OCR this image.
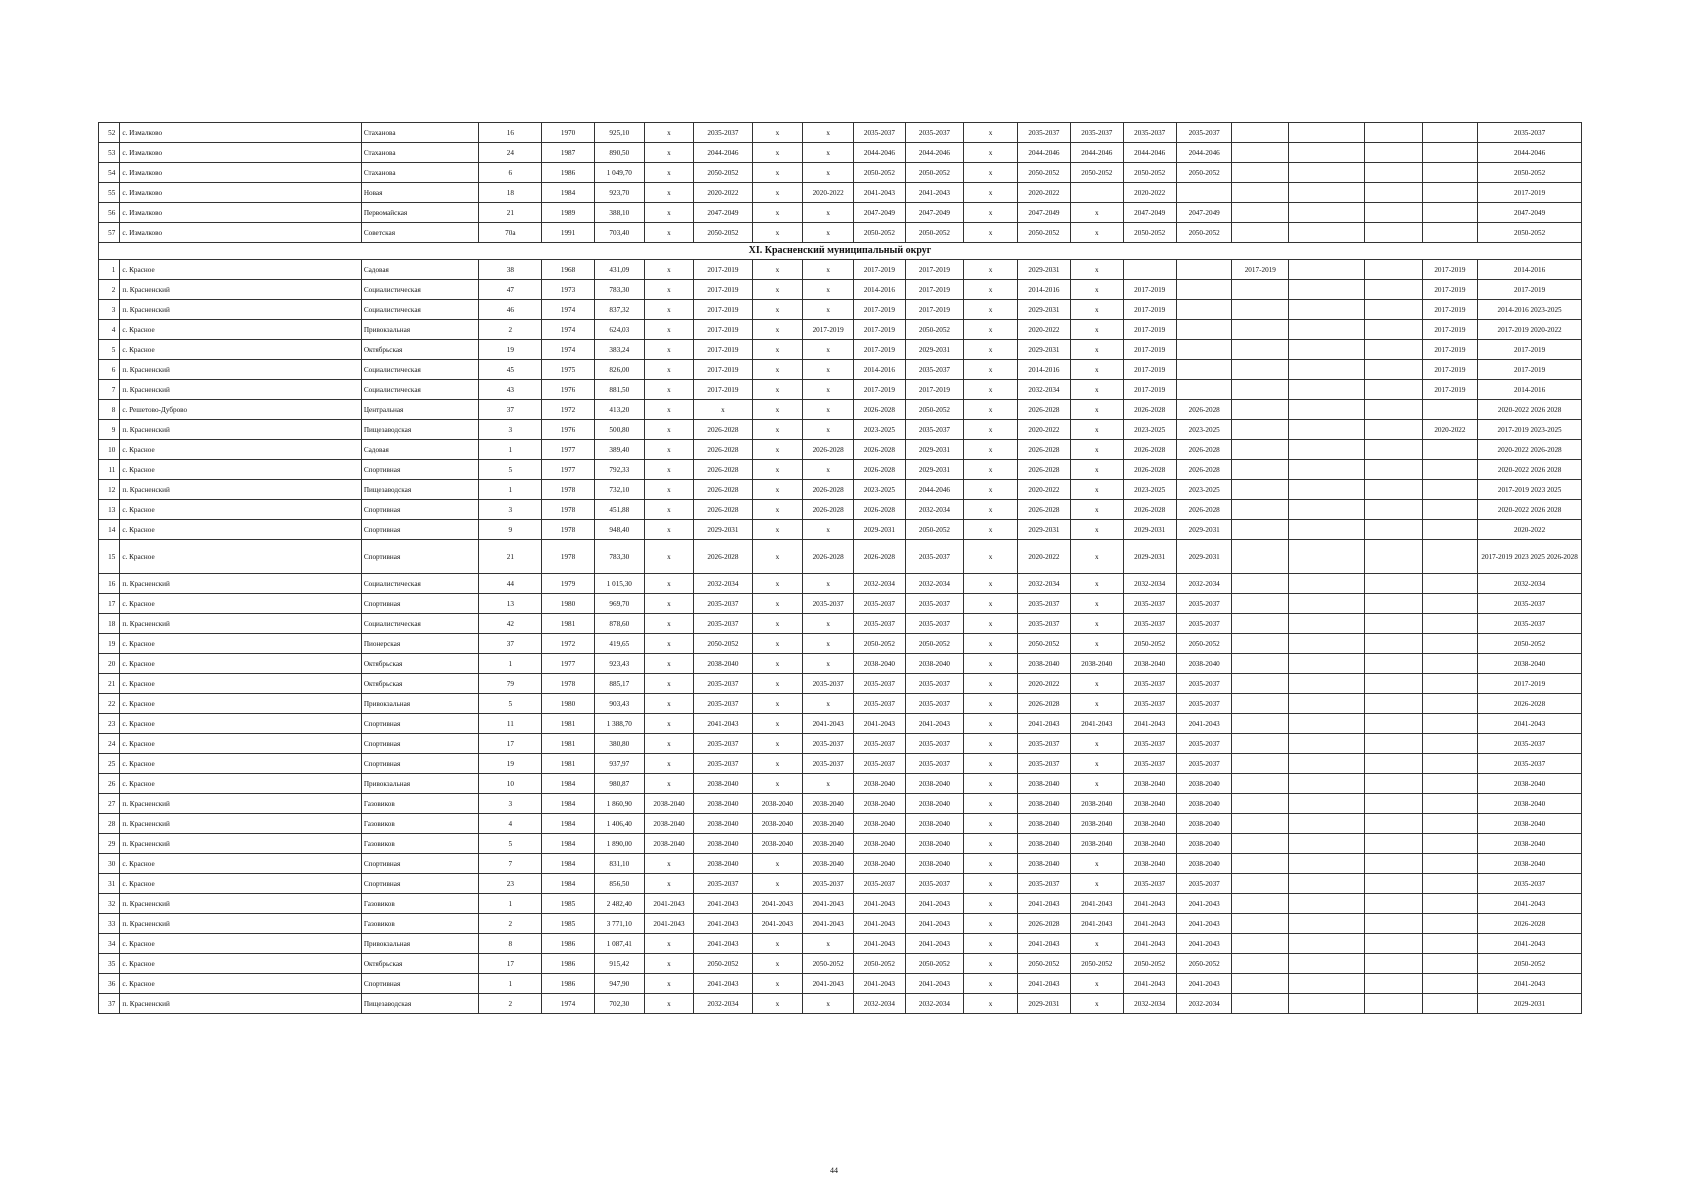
52	с. Измалково	Стаханова	16	1970	925,10	x	2035-2037	x	x	2035-2037	2035-2037	x	2035-2037	2035-2037	2035-2037	2035-2037					2035-2037
53	с. Измалково	Стаханова	24	1987	890,50	x	2044-2046	x	x	2044-2046	2044-2046	x	2044-2046	2044-2046	2044-2046	2044-2046					2044-2046
54	с. Измалково	Стаханова	6	1986	1 049,70	x	2050-2052	x	x	2050-2052	2050-2052	x	2050-2052	2050-2052	2050-2052	2050-2052					2050-2052
55	с. Измалково	Новая	18	1984	923,70	x	2020-2022	x	2020-2022	2041-2043	2041-2043	x	2020-2022		2020-2022						2017-2019
56	с. Измалково	Первомайская	21	1989	388,10	x	2047-2049	x	x	2047-2049	2047-2049	x	2047-2049	x	2047-2049	2047-2049					2047-2049
57	с. Измалково	Советская	70а	1991	703,40	x	2050-2052	x	x	2050-2052	2050-2052	x	2050-2052	x	2050-2052	2050-2052					2050-2052
XI. Красненский муниципальный округ																					
1	с. Красное	Садовая	38	1968	431,09	x	2017-2019	x	x	2017-2019	2017-2019	x	2029-2031	x			2017-2019			2017-2019	2014-2016
2	п. Красненский	Социалистическая	47	1973	783,30	x	2017-2019	x	x	2014-2016	2017-2019	x	2014-2016	x	2017-2019					2017-2019	2017-2019
3	п. Красненский	Социалистическая	46	1974	837,32	x	2017-2019	x	x	2017-2019	2017-2019	x	2029-2031	x	2017-2019					2017-2019	2014-2016 2023-2025
4	с. Красное	Привокзальная	2	1974	624,03	x	2017-2019	x	2017-2019	2017-2019	2050-2052	x	2020-2022	x	2017-2019					2017-2019	2017-2019 2020-2022
5	с. Красное	Октябрьская	19	1974	383,24	x	2017-2019	x	x	2017-2019	2029-2031	x	2029-2031	x	2017-2019					2017-2019	2017-2019
6	п. Красненский	Социалистическая	45	1975	826,00	x	2017-2019	x	x	2014-2016	2035-2037	x	2014-2016	x	2017-2019					2017-2019	2017-2019
7	п. Красненский	Социалистическая	43	1976	881,50	x	2017-2019	x	x	2017-2019	2017-2019	x	2032-2034	x	2017-2019					2017-2019	2014-2016
8	с. Решетово-Дуброво	Центральная	37	1972	413,20	x	x	x	x	2026-2028	2050-2052	x	2026-2028	x	2026-2028	2026-2028					2020-2022 2026 2028
9	п. Красненский	Пищезаводская	3	1976	500,80	x	2026-2028	x	x	2023-2025	2035-2037	x	2020-2022	x	2023-2025	2023-2025				2020-2022	2017-2019 2023-2025
10	с. Красное	Садовая	1	1977	389,40	x	2026-2028	x	2026-2028	2026-2028	2029-2031	x	2026-2028	x	2026-2028	2026-2028					2020-2022 2026-2028
11	с. Красное	Спортивная	5	1977	792,33	x	2026-2028	x	x	2026-2028	2029-2031	x	2026-2028	x	2026-2028	2026-2028					2020-2022 2026 2028
12	п. Красненский	Пищезаводская	1	1978	732,10	x	2026-2028	x	2026-2028	2023-2025	2044-2046	x	2020-2022	x	2023-2025	2023-2025					2017-2019 2023 2025
13	с. Красное	Спортивная	3	1978	451,88	x	2026-2028	x	2026-2028	2026-2028	2032-2034	x	2026-2028	x	2026-2028	2026-2028					2020-2022 2026 2028
14	с. Красное	Спортивная	9	1978	948,40	x	2029-2031	x	x	2029-2031	2050-2052	x	2029-2031	x	2029-2031	2029-2031					2020-2022
15	с. Красное	Спортивная	21	1978	783,30	x	2026-2028	x	2026-2028	2026-2028	2035-2037	x	2020-2022	x	2029-2031	2029-2031					2017-2019 2023 2025 2026-2028
16	п. Красненский	Социалистическая	44	1979	1 015,30	x	2032-2034	x	x	2032-2034	2032-2034	x	2032-2034	x	2032-2034	2032-2034					2032-2034
17	с. Красное	Спортивная	13	1980	969,70	x	2035-2037	x	2035-2037	2035-2037	2035-2037	x	2035-2037	x	2035-2037	2035-2037					2035-2037
18	п. Красненский	Социалистическая	42	1981	878,60	x	2035-2037	x	x	2035-2037	2035-2037	x	2035-2037	x	2035-2037	2035-2037					2035-2037
19	с. Красное	Пионерская	37	1972	419,65	x	2050-2052	x	x	2050-2052	2050-2052	x	2050-2052	x	2050-2052	2050-2052					2050-2052
20	с. Красное	Октябрьская	1	1977	923,43	x	2038-2040	x	x	2038-2040	2038-2040	x	2038-2040	2038-2040	2038-2040	2038-2040					2038-2040
21	с. Красное	Октябрьская	79	1978	885,17	x	2035-2037	x	2035-2037	2035-2037	2035-2037	x	2020-2022	x	2035-2037	2035-2037					2017-2019
22	с. Красное	Привокзальная	5	1980	903,43	x	2035-2037	x	x	2035-2037	2035-2037	x	2026-2028	x	2035-2037	2035-2037					2026-2028
23	с. Красное	Спортивная	11	1981	1 388,70	x	2041-2043	x	2041-2043	2041-2043	2041-2043	x	2041-2043	2041-2043	2041-2043	2041-2043					2041-2043
24	с. Красное	Спортивная	17	1981	380,80	x	2035-2037	x	2035-2037	2035-2037	2035-2037	x	2035-2037	x	2035-2037	2035-2037					2035-2037
25	с. Красное	Спортивная	19	1981	937,97	x	2035-2037	x	2035-2037	2035-2037	2035-2037	x	2035-2037	x	2035-2037	2035-2037					2035-2037
26	с. Красное	Привокзальная	10	1984	980,87	x	2038-2040	x	x	2038-2040	2038-2040	x	2038-2040	x	2038-2040	2038-2040					2038-2040
27	п. Красненский	Газовиков	3	1984	1 860,90	2038-2040	2038-2040	2038-2040	2038-2040	2038-2040	2038-2040	x	2038-2040	2038-2040	2038-2040	2038-2040					2038-2040
28	п. Красненский	Газовиков	4	1984	1 406,40	2038-2040	2038-2040	2038-2040	2038-2040	2038-2040	2038-2040	x	2038-2040	2038-2040	2038-2040	2038-2040					2038-2040
29	п. Красненский	Газовиков	5	1984	1 890,00	2038-2040	2038-2040	2038-2040	2038-2040	2038-2040	2038-2040	x	2038-2040	2038-2040	2038-2040	2038-2040					2038-2040
30	с. Красное	Спортивная	7	1984	831,10	x	2038-2040	x	2038-2040	2038-2040	2038-2040	x	2038-2040	x	2038-2040	2038-2040					2038-2040
31	с. Красное	Спортивная	23	1984	856,50	x	2035-2037	x	2035-2037	2035-2037	2035-2037	x	2035-2037	x	2035-2037	2035-2037					2035-2037
32	п. Красненский	Газовиков	1	1985	2 482,40	2041-2043	2041-2043	2041-2043	2041-2043	2041-2043	2041-2043	x	2041-2043	2041-2043	2041-2043	2041-2043					2041-2043
33	п. Красненский	Газовиков	2	1985	3 771,10	2041-2043	2041-2043	2041-2043	2041-2043	2041-2043	2041-2043	x	2026-2028	2041-2043	2041-2043	2041-2043					2026-2028
34	с. Красное	Привокзальная	8	1986	1 087,41	x	2041-2043	x	x	2041-2043	2041-2043	x	2041-2043	x	2041-2043	2041-2043					2041-2043
35	с. Красное	Октябрьская	17	1986	915,42	x	2050-2052	x	2050-2052	2050-2052	2050-2052	x	2050-2052	2050-2052	2050-2052	2050-2052					2050-2052
36	с. Красное	Спортивная	1	1986	947,90	x	2041-2043	x	2041-2043	2041-2043	2041-2043	x	2041-2043	x	2041-2043	2041-2043					2041-2043
37	п. Красненский	Пищезаводская	2	1974	702,30	x	2032-2034	x	x	2032-2034	2032-2034	x	2029-2031	x	2032-2034	2032-2034					2029-2031
44
